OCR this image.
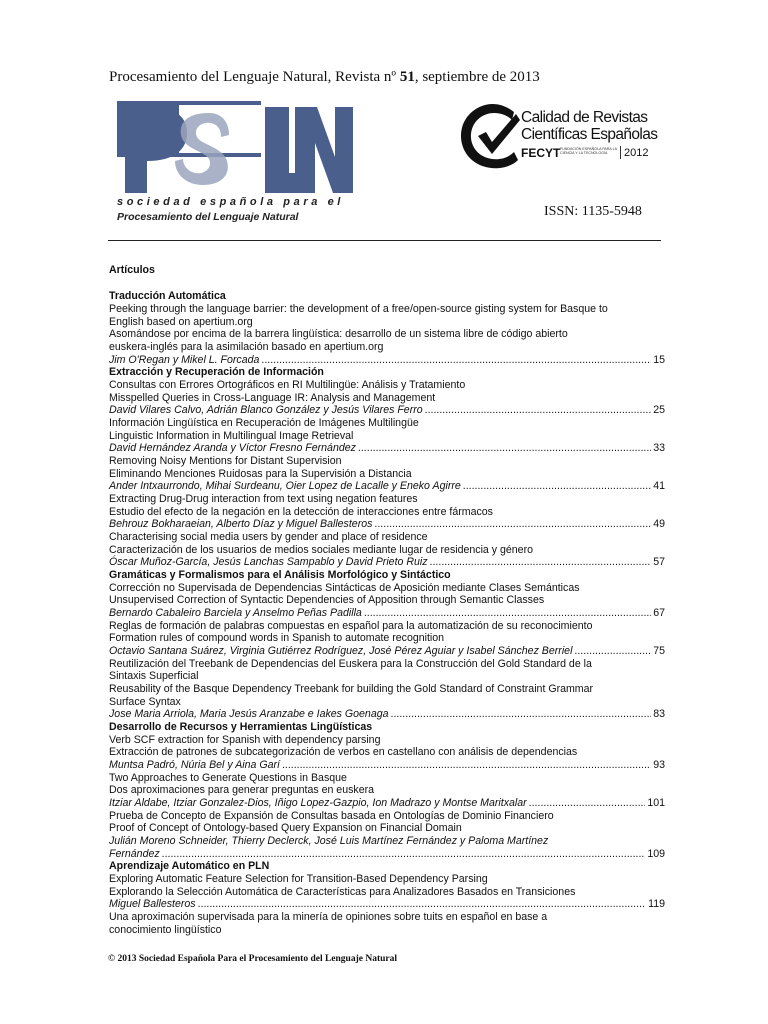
Procesamiento del Lenguaje Natural, Revista nº 51, septiembre de 2013
sociedad española para el
Procesamiento del Lenguaje Natural
Calidad de Revistas
Científicas Españolas
FECYT FUNDACIÓN ESPAÑOLA PARA LA CIENCIA Y LA TECNOLOGÍA	2012
ISSN: 1135-5948
Artículos
Traducción Automática
Peeking through the language barrier: the development of a free/open-source gisting system for Basque to
English based on apertium.org
Asomándose por encima de la barrera lingüística: desarrollo de un sistema libre de código abierto
euskera-inglés para la asimilación basado en apertium.org
Jim O'Regan y Mikel L. Forcada .....	15
Extracción y Recuperación de Información
Consultas con Errores Ortográficos en RI Multilingüe: Análisis y Tratamiento
Misspelled Queries in Cross-Language IR: Analysis and Management
David Vilares Calvo, Adrián Blanco González y Jesús Vilares Ferro .....	25
Información Lingüística en Recuperación de Imágenes Multilingüe
Linguistic Information in Multilingual Image Retrieval
David Hernández Aranda y Víctor Fresno Fernández .....	33
Removing Noisy Mentions for Distant Supervision
Eliminando Menciones Ruidosas para la Supervisión a Distancia
Ander Intxaurrondo, Mihai Surdeanu, Oier Lopez de Lacalle y Eneko Agirre .....	41
Extracting Drug-Drug interaction from text using negation features
Estudio del efecto de la negación en la detección de interacciones entre fármacos
Behrouz Bokharaeian, Alberto Díaz y Miguel Ballesteros .....	49
Characterising social media users by gender and place of residence
Caracterización de los usuarios de medios sociales mediante lugar de residencia y género
Óscar Muñoz-García, Jesús Lanchas Sampablo y David Prieto Ruiz .....	57
Gramáticas y Formalismos para el Análisis Morfológico y Sintáctico
Corrección no Supervisada de Dependencias Sintácticas de Aposición mediante Clases Semánticas
Unsupervised Correction of Syntactic Dependencies of Apposition through Semantic Classes
Bernardo Cabaleiro Barciela y Anselmo Peñas Padilla .....	67
Reglas de formación de palabras compuestas en español para la automatización de su reconocimiento
Formation rules of compound words in Spanish to automate recognition
Octavio Santana Suárez, Virginia Gutiérrez Rodríguez, José Pérez Aguiar y Isabel Sánchez Berriel .....	75
Reutilización del Treebank de Dependencias del Euskera para la Construcción del Gold Standard de la
Sintaxis Superficial
Reusability of the Basque Dependency Treebank for building the Gold Standard of Constraint Grammar
Surface Syntax
Jose Maria Arriola, Maria Jesús Aranzabe e Iakes Goenaga .....	83
Desarrollo de Recursos y Herramientas Lingüísticas
Verb SCF extraction for Spanish with dependency parsing
Extracción de patrones de subcategorización de verbos en castellano con análisis de dependencias
Muntsa Padró, Núria Bel y Aina Garí .....	93
Two Approaches to Generate Questions in Basque
Dos aproximaciones para generar preguntas en euskera
Itziar Aldabe, Itziar Gonzalez-Dios, Iñigo Lopez-Gazpio, Ion Madrazo y Montse Maritxalar .....	101
Prueba de Concepto de Expansión de Consultas basada en Ontologías de Dominio Financiero
Proof of Concept of Ontology-based Query Expansion on Financial Domain
Julián Moreno Schneider, Thierry Declerck, José Luis Martínez Fernández y Paloma Martínez
Fernández .....	109
Aprendizaje Automático en PLN
Exploring Automatic Feature Selection for Transition-Based Dependency Parsing
Explorando la Selección Automática de Características para Analizadores Basados en Transiciones
Miguel Ballesteros .....	119
Una aproximación supervisada para la minería de opiniones sobre tuits en español en base a
conocimiento lingüístico
© 2013 Sociedad Española Para el Procesamiento del Lenguaje Natural
